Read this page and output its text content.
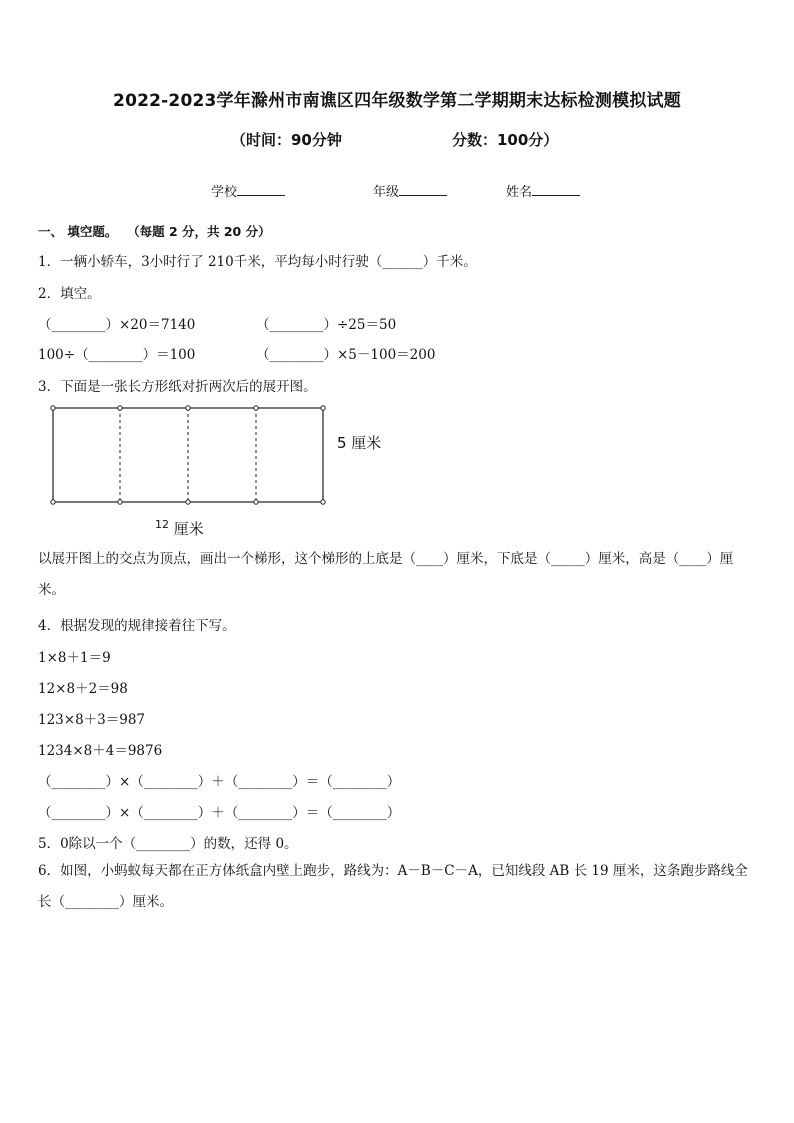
2022-2023学年滁州市南谯区四年级数学第二学期期末达标检测模拟试题
（时间：90分钟	分数：100分）
学校	年级	姓名
一、 填空题。 （每题 2 分，共 20 分）
1．一辆小轿车，3小时行了 210千米，平均每小时行驶（______）千米。
2．填空。
（________）×20＝7140	（________）÷25＝50
100÷（________）＝100	（________）×5－100＝200
3．下面是一张长方形纸对折两次后的展开图。
5 厘米
$^{12}$ 厘米
以展开图上的交点为顶点，画出一个梯形，这个梯形的上底是（____）厘米，下底是（_____）厘米，高是（____）厘米。
4．根据发现的规律接着往下写。
1×8＋1＝9
12×8＋2＝98
123×8＋3＝987
1234×8＋4＝9876
（________）×（________）＋（________）＝（________）
（________）×（________）＋（________）＝（________）
5．0除以一个（________）的数，还得 0。
6．如图，小蚂蚁每天都在正方体纸盒内壁上跑步，路线为：A－B－C－A，已知线段 AB 长 19 厘米，这条跑步路线全长（________）厘米。
